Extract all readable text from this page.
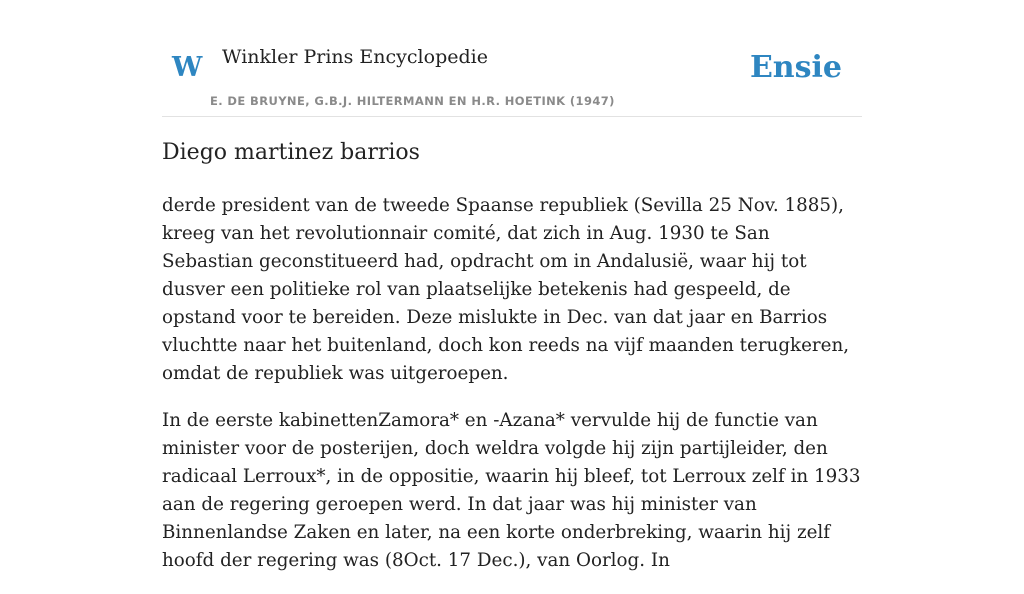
W Winkler Prins Encyclopedie
E. DE BRUYNE, G.B.J. HILTERMANN EN H.R. HOETINK (1947)
Ensie
Diego martinez barrios

derde president van de tweede Spaanse republiek (Sevilla 25 Nov. 1885), kreeg van het revolutionnair comité, dat zich in Aug. 1930 te San Sebastian geconstitueerd had, opdracht om in Andalusië, waar hij tot dusver een politieke rol van plaatselijke betekenis had gespeeld, de opstand voor te bereiden. Deze mislukte in Dec. van dat jaar en Barrios vluchtte naar het buitenland, doch kon reeds na vijf maanden terugkeren, omdat de republiek was uitgeroepen.

In de eerste kabinettenZamora* en -Azana* vervulde hij de functie van minister voor de posterijen, doch weldra volgde hij zijn partijleider, den radicaal Lerroux*, in de oppositie, waarin hij bleef, tot Lerroux zelf in 1933 aan de regering geroepen werd. In dat jaar was hij minister van Binnenlandse Zaken en later, na een korte onderbreking, waarin hij zelf hoofd der regering was (8Oct. 17 Dec.), van Oorlog. In
